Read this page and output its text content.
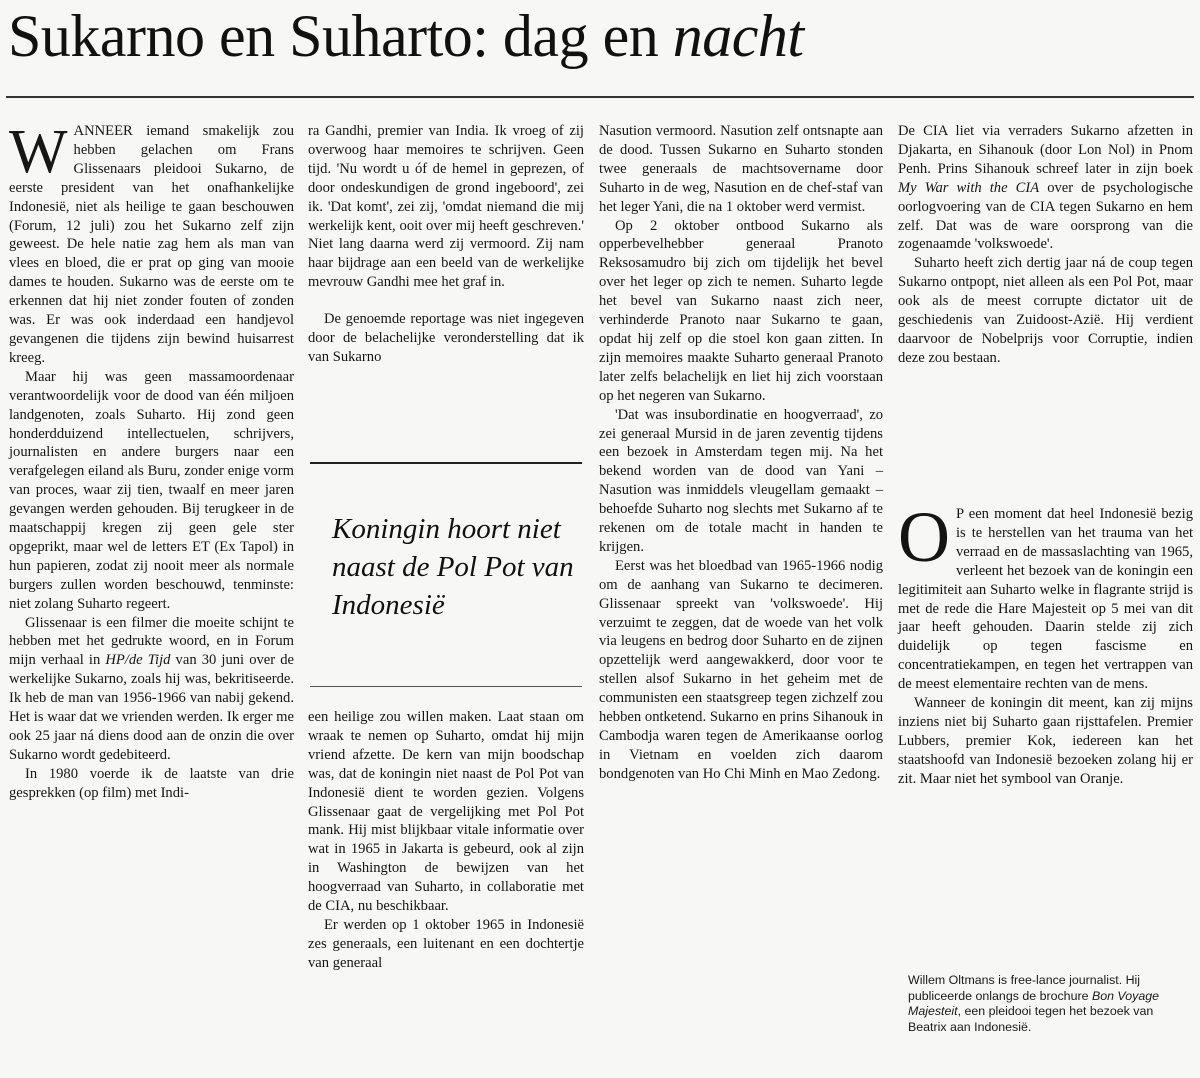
Sukarno en Suharto: dag en nacht

WANNEER iemand smakelijk zou hebben gelachen om Frans Glissenaars pleidooi Sukarno, de eerste president van het onafhankelijke Indonesië, niet als heilige te gaan beschouwen (Forum, 12 juli) zou het Sukarno zelf zijn geweest. De hele natie zag hem als man van vlees en bloed, die er prat op ging van mooie dames te houden. Sukarno was de eerste om te erkennen dat hij niet zonder fouten of zonden was. Er was ook inderdaad een handjevol gevangenen die tijdens zijn bewind huisarrest kreeg.

Maar hij was geen massamoordenaar verantwoordelijk voor de dood van één miljoen landgenoten, zoals Suharto. Hij zond geen honderdduizend intellectuelen, schrijvers, journalisten en andere burgers naar een verafgelegen eiland als Buru, zonder enige vorm van proces, waar zij tien, twaalf en meer jaren gevangen werden gehouden. Bij terugkeer in de maatschappij kregen zij geen gele ster opgeprikt, maar wel de letters ET (Ex Tapol) in hun papieren, zodat zij nooit meer als normale burgers zullen worden beschouwd, tenminste: niet zolang Suharto regeert.

Glissenaar is een filmer die moeite schijnt te hebben met het gedrukte woord, en in Forum mijn verhaal in HP/de Tijd van 30 juni over de werkelijke Sukarno, zoals hij was, bekritiseerde. Ik heb de man van 1956-1966 van nabij gekend. Het is waar dat we vrienden werden. Ik erger me ook 25 jaar ná diens dood aan de onzin die over Sukarno wordt gedebiteerd.

In 1980 voerde ik de laatste van drie gesprekken (op film) met Indi-

ra Gandhi, premier van India. Ik vroeg of zij overwoog haar memoires te schrijven. Geen tijd. 'Nu wordt u óf de hemel in geprezen, of door ondeskundigen de grond ingeboord', zei ik. 'Dat komt', zei zij, 'omdat niemand die mij werkelijk kent, ooit over mij heeft geschreven.' Niet lang daarna werd zij vermoord. Zij nam haar bijdrage aan een beeld van de werkelijke mevrouw Gandhi mee het graf in.

De genoemde reportage was niet ingegeven door de belachelijke veronderstelling dat ik van Sukarno

Koningin hoort niet naast de Pol Pot van Indonesië

een heilige zou willen maken. Laat staan om wraak te nemen op Suharto, omdat hij mijn vriend afzette. De kern van mijn boodschap was, dat de koningin niet naast de Pol Pot van Indonesië dient te worden gezien. Volgens Glissenaar gaat de vergelijking met Pol Pot mank. Hij mist blijkbaar vitale informatie over wat in 1965 in Jakarta is gebeurd, ook al zijn in Washington de bewijzen van het hoogverraad van Suharto, in collaboratie met de CIA, nu beschikbaar.

Er werden op 1 oktober 1965 in Indonesië zes generaals, een luitenant en een dochtertje van generaal

Nasution vermoord. Nasution zelf ontsnapte aan de dood. Tussen Sukarno en Suharto stonden twee generaals de machtsovername door Suharto in de weg, Nasution en de chef-staf van het leger Yani, die na 1 oktober werd vermist.

Op 2 oktober ontbood Sukarno als opperbevelhebber generaal Pranoto Reksosamudro bij zich om tijdelijk het bevel over het leger op zich te nemen. Suharto legde het bevel van Sukarno naast zich neer, verhinderde Pranoto naar Sukarno te gaan, opdat hij zelf op die stoel kon gaan zitten. In zijn memoires maakte Suharto generaal Pranoto later zelfs belachelijk en liet hij zich voorstaan op het negeren van Sukarno.

'Dat was insubordinatie en hoogverraad', zo zei generaal Mursid in de jaren zeventig tijdens een bezoek in Amsterdam tegen mij. Na het bekend worden van de dood van Yani – Nasution was inmiddels vleugellam gemaakt – behoefde Suharto nog slechts met Sukarno af te rekenen om de totale macht in handen te krijgen.

Eerst was het bloedbad van 1965-1966 nodig om de aanhang van Sukarno te decimeren. Glissenaar spreekt van 'volkswoede'. Hij verzuimt te zeggen, dat de woede van het volk via leugens en bedrog door Suharto en de zijnen opzettelijk werd aangewakkerd, door voor te stellen alsof Sukarno in het geheim met de communisten een staatsgreep tegen zichzelf zou hebben ontketend. Sukarno en prins Sihanouk in Cambodja waren tegen de Amerikaanse oorlog in Vietnam en voelden zich daarom bondgenoten van Ho Chi Minh en Mao Zedong.

De CIA liet via verraders Sukarno afzetten in Djakarta, en Sihanouk (door Lon Nol) in Pnom Penh. Prins Sihanouk schreef later in zijn boek My War with the CIA over de psychologische oorlogvoering van de CIA tegen Sukarno en hem zelf. Dat was de ware oorsprong van die zogenaamde 'volkswoede'.

Suharto heeft zich dertig jaar ná de coup tegen Sukarno ontpopt, niet alleen als een Pol Pot, maar ook als de meest corrupte dictator uit de geschiedenis van Zuidoost-Azië. Hij verdient daarvoor de Nobelprijs voor Corruptie, indien deze zou bestaan.

O P een moment dat heel Indonesië bezig is te herstellen van het trauma van het verraad en de massaslachting van 1965, verleent het bezoek van de koningin een legitimiteit aan Suharto welke in flagrante strijd is met de rede die Hare Majesteit op 5 mei van dit jaar heeft gehouden. Daarin stelde zij zich duidelijk op tegen fascisme en concentratiekampen, en tegen het vertrappen van de meest elementaire rechten van de mens.

Wanneer de koningin dit meent, kan zij mijns inziens niet bij Suharto gaan rijsttafelen. Premier Lubbers, premier Kok, iedereen kan het staatshoofd van Indonesië bezoeken zolang hij er zit. Maar niet het symbool van Oranje.

Willem Oltmans is free-lance journalist. Hij publiceerde onlangs de brochure Bon Voyage Majesteit, een pleidooi tegen het bezoek van Beatrix aan Indonesië.
